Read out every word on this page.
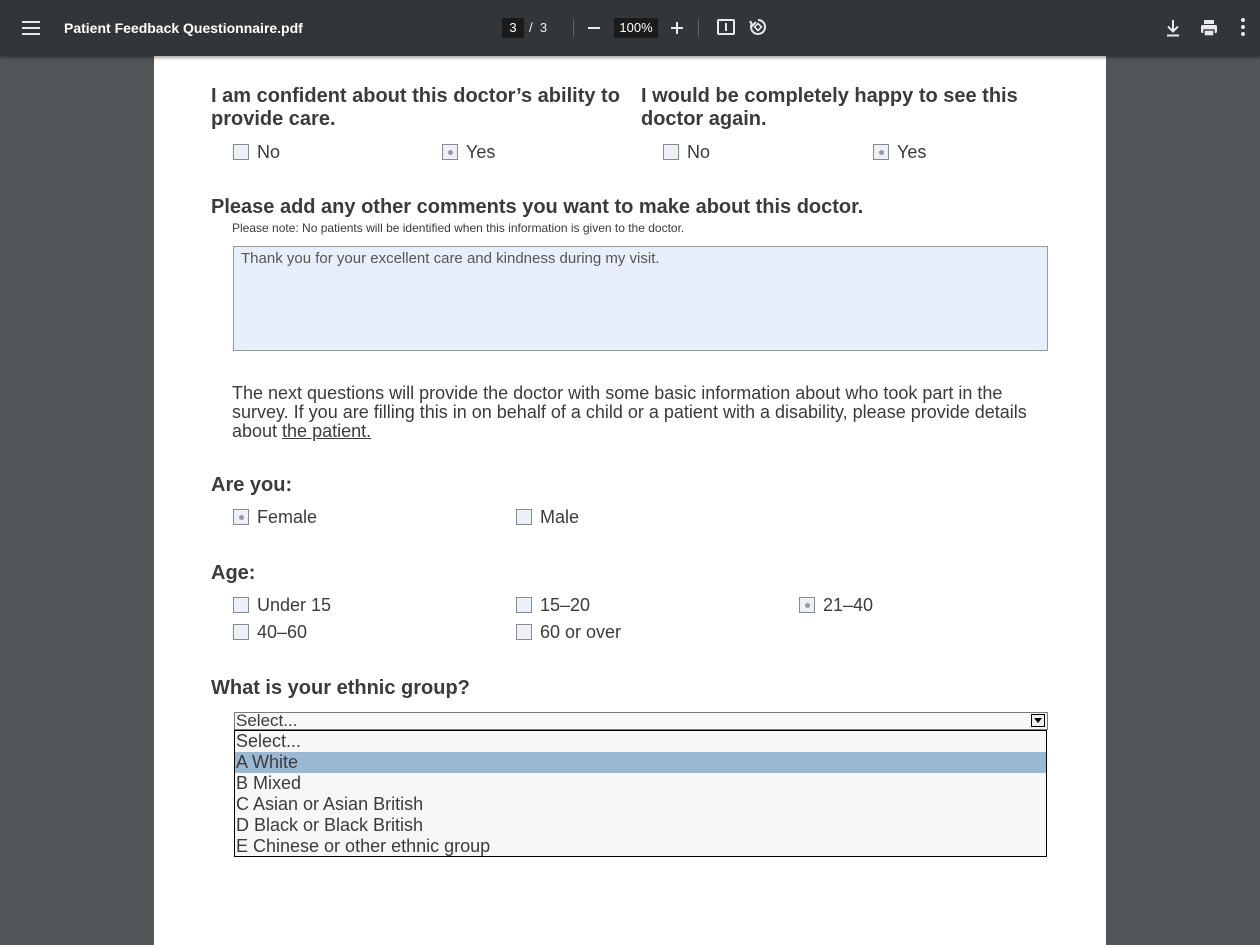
Patient Feedback Questionnaire.pdf
3	/ 3	100%
I am confident about this doctor’s ability to provide care.
I would be completely happy to see this doctor again.
No	Yes	No	Yes
Please add any other comments you want to make about this doctor.
Please note: No patients will be identified when this information is given to the doctor.
Thank you for your excellent care and kindness during my visit.
The next questions will provide the doctor with some basic information about who took part in the survey. If you are filling this in on behalf of a child or a patient with a disability, please provide details about the patient.
Are you:
Female	Male
Age:
Under 15	15–20	21–40
40–60	60 or over
What is your ethnic group?
Select...
Select...
A White
B Mixed
C Asian or Asian British
D Black or Black British
E Chinese or other ethnic group
